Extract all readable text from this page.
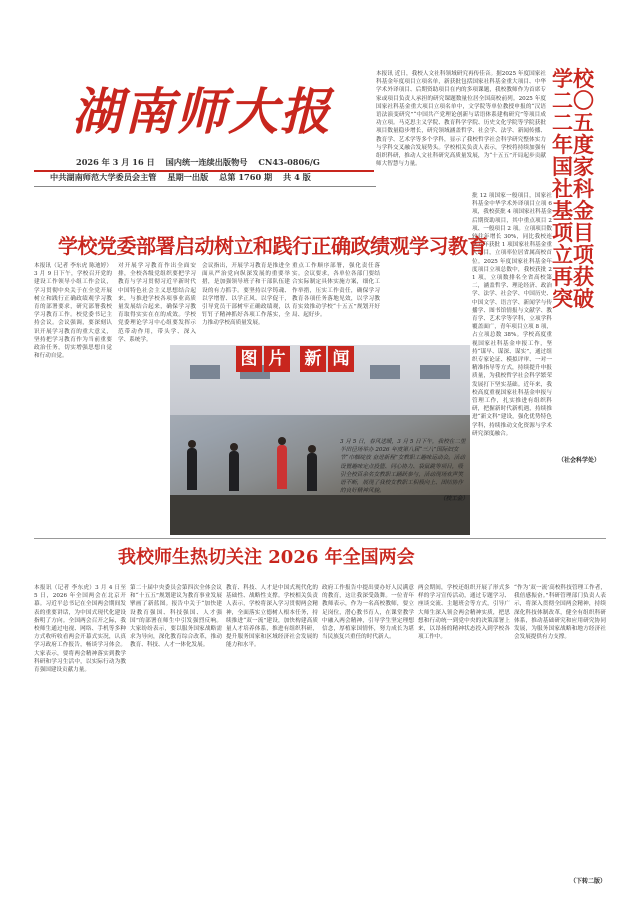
湖南师大报
2026 年 3 月 16 日 国内统一连续出版物号 CN43-0806/G
中共湖南师范大学委员会主管 星期一出版 总第 1760 期 共 4 版
本报讯 近日，我校人文社科领域研究再传佳音。据2025 年度国家社科基金年度项目立项名单，新获批包括国家社科基金重大项目、中华学术外译项目、后期资助项目在内的多项课题，我校教师作为首席专家或项目负责人承担的研究课题数量位居全国高校前列。2025 年度国家社科基金重大项目立项名单中，文学院等单位教授申报的“汉语语法演变研究”“中国共产党理论创新与话语体系建构研究”等项目成功立项。马克思主义学院、教育科学学院、历史文化学院等学院获批项目数量稳步增长，研究领域涵盖哲学、社会学、法学、新闻传播、教育学、艺术学等多个学科，显示了我校哲学社会科学研究整体实力与学科交叉融合发展势头。学校相关负责人表示，学校将持续加强有组织科研，推动人文社科研究高质量发展，为“十五五”开局起步贡献师大智慧与力量。
学校二〇二五年度国家社科基金项目立项再获突破
批 12 项国家一般项目，国家社科基金中华学术外译项目立项 6 项，我校获批 4 项国家社科基金后期资助项目，其中重点项目 2 项、一般项目 2 项。立项项目数较往年增长 30%，同比我校连续五年获批 1 项国家社科基金重大项目，立项率位居省属高校首位。2025 年度国家社科基金年度项目立项总数中，我校获批 21 项，立项数排名全省高校第二，涵盖哲学、理论经济、政治学、法学、社会学、中国历史、中国文学、语言学、新闻学与传播学、图书馆情报与文献学、教育学、艺术学等学科，立项学科覆盖面广，青年项目立项 8 项，占立项总数 38%。学校高度重视国家社科基金申报工作，坚持“谋早、谋深、谋实”，通过组织专家论证、模拟评审、一对一精准指导等方式，持续提升申报质量，为我校哲学社会科学繁荣发展打下坚实基础。近年来，我校高度重视国家社科基金申报与管理工作，扎实推进有组织科研，把握新时代新机遇，持续推进“新文科”建设，强化优势特色学科，持续推动文化资源与学术研究深度融合。
（社会科学处）
学校党委部署启动树立和践行正确政绩观学习教育
本报讯（记者 李东虎 陈迪婷）3 月 9 日下午，学校召开党的建设工作领导小组工作会议，学习贯彻中央关于在全党开展树立和践行正确政绩观学习教育的部署要求，研究部署我校学习教育工作。校党委书记主持会议。会议强调，要深刻认识开展学习教育的重大意义，坚持把学习教育作为当前重要政治任务，切实增强思想自觉和行动自觉。
对开展学习教育作出全面安排，全校各级党组织要把学习教育与学习贯彻习近平新时代中国特色社会主义思想结合起来，与推进学校各项事业高质量发展结合起来，确保学习教育取得实实在在的成效。学校党委理论学习中心组要发挥示范带动作用，带头学、深入学、系统学。
会议指出，开展学习教育是推进全面从严治党向纵深发展的重要举措，是加强领导班子和干部队伍建设的有力抓手。要坚持以学铸魂、以学增智、以学正风、以学促干，引导党员干部树牢正确政绩观，以钉钉子精神抓好各项工作落实，全力推动学校高质量发展。
重点工作顺序部署，强化责任落实。会议要求，各单位各部门要结合实际制定具体实施方案，细化工作举措，压实工作责任，确保学习教育各项任务落地见效，以学习教育实效推动学校“十五五”规划开好局、起好步。
图 片 新 闻
3 月 5 日，春风送暖，3 月 5 日下午，我校在二里半田径场举办 2026 年度第八届“三八”国际妇女节“巾帼绽放 奋进新程”女教职工趣味运动会。活动设置趣味定点投篮、同心协力、袋鼠跳等项目，吸引全校百余名女教职工踊跃参与，活动现场欢声笑语不断，展现了我校女教职工积极向上、团结协作的良好精神风貌。
（校工会）
我校师生热切关注 2026 年全国两会
本报讯（记者 李东虎）3 月 4 日至 5 日，2026 年全国两会在北京开幕。习近平总书记在全国两会期间发表的重要讲话，为中国式现代化建设指明了方向。全国两会召开之际，我校师生通过电视、网络、手机等多种方式收听收看两会开幕式实况，认真学习政府工作报告，畅谈学习体会。大家表示，要将两会精神落实到教学科研和学习生活中，以实际行动为教育强国建设贡献力量。
第二十届中央委员会第四次全体会议和“十五五”规划建议为教育事业发展擘画了新蓝图。报告中关于“加快建设教育强国、科技强国、人才强国”的部署在师生中引发强烈反响。大家纷纷表示，要以服务国家战略需求为导向，深化教育综合改革，推动教育、科技、人才一体化发展。
教育、科技、人才是中国式现代化的基础性、战略性支撑。学校相关负责人表示，学校将深入学习贯彻两会精神，全面落实立德树人根本任务，持续推进“双一流”建设，加快构建高质量人才培养体系，推进有组织科研，提升服务国家和区域经济社会发展的能力和水平。
政府工作报告中提出要办好人民满意的教育，这让我深受鼓舞。一位青年教师表示，作为一名高校教师，要立足岗位，潜心教书育人，在课堂教学中融入两会精神，引导学生坚定理想信念，厚植家国情怀，努力成长为堪当民族复兴重任的时代新人。
两会期间，学校还组织开展了形式多样的学习宣传活动，通过专题学习、座谈交流、主题班会等方式，引导广大师生深入领会两会精神实质，把思想和行动统一到党中央的决策部署上来，以昂扬的精神状态投入到学校各项工作中。
“作为‘双一流’高校科技管理工作者，我倍感振奋。”科研管理部门负责人表示，将深入贯彻全国两会精神，持续深化科技体制改革，健全有组织科研体系，推动基础研究和应用研究协同发展，为服务国家战略和地方经济社会发展提供有力支撑。
（下转二版）
